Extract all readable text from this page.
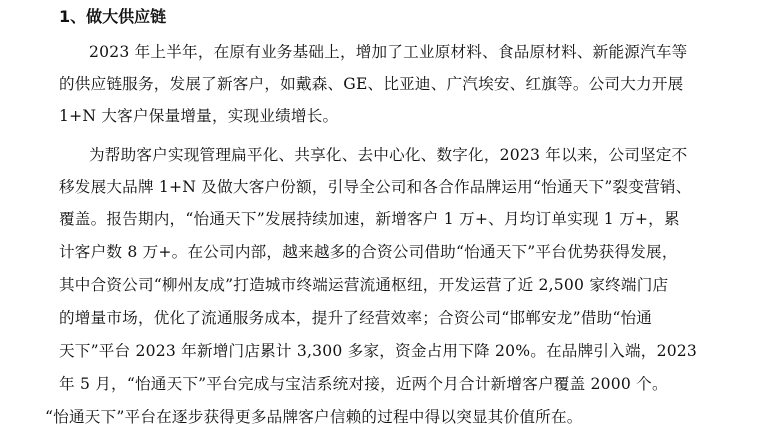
1、做大供应链
2023 年上半年，在原有业务基础上，增加了工业原材料、食品原材料、新能源汽车等
的供应链服务，发展了新客户，如戴森、GE、比亚迪、广汽埃安、红旗等。公司大力开展
1+N 大客户保量增量，实现业绩增长。
为帮助客户实现管理扁平化、共享化、去中心化、数字化，2023 年以来，公司坚定不
移发展大品牌 1+N 及做大客户份额，引导全公司和各合作品牌运用“怡通天下”裂变营销、
覆盖。报告期内，“怡通天下”发展持续加速，新增客户 1 万+、月均订单实现 1 万+，累
计客户数 8 万+。在公司内部，越来越多的合资公司借助“怡通天下”平台优势获得发展，
其中合资公司“柳州友成”打造城市终端运营流通枢纽，开发运营了近 2,500 家终端门店
的增量市场，优化了流通服务成本，提升了经营效率；合资公司“邯郸安龙”借助“怡通
天下”平台 2023 年新增门店累计 3,300 多家，资金占用下降 20%。在品牌引入端，2023
年 5 月，“怡通天下”平台完成与宝洁系统对接，近两个月合计新增客户覆盖 2000 个。
“怡通天下”平台在逐步获得更多品牌客户信赖的过程中得以突显其价值所在。
